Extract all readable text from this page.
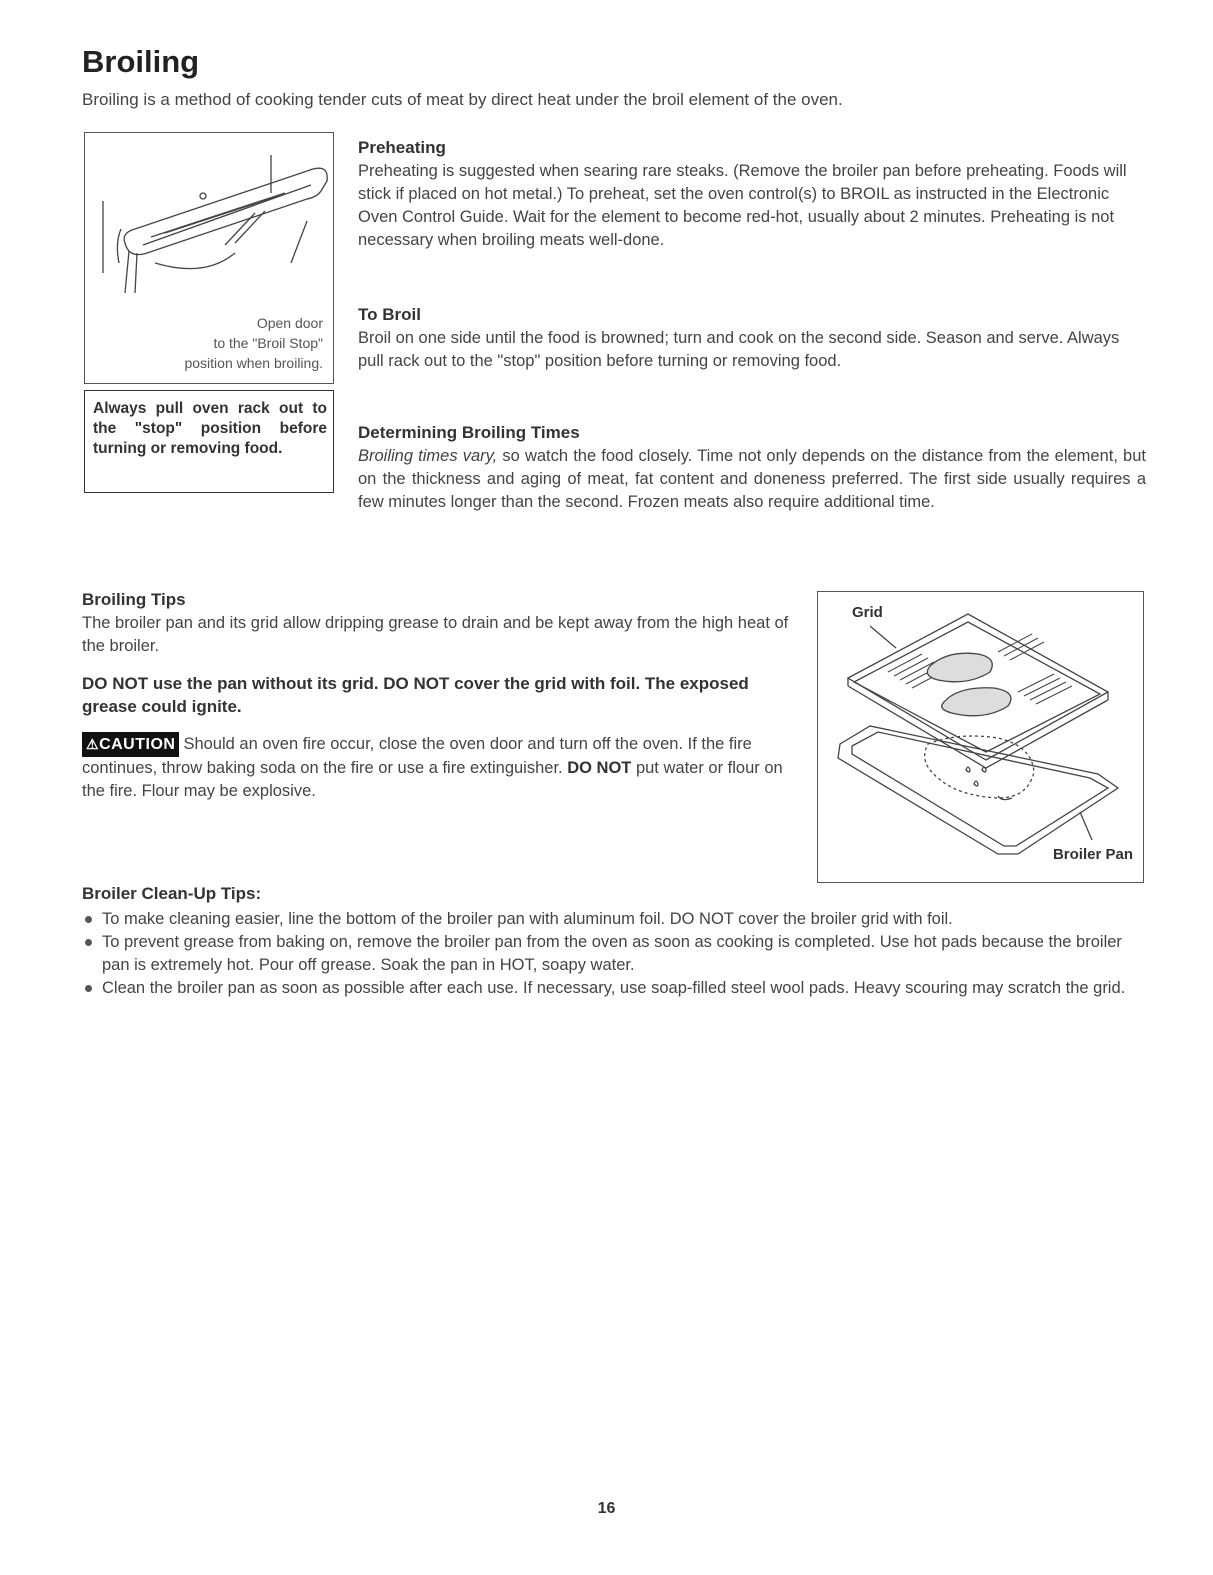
Broiling

Broiling is a method of cooking tender cuts of meat by direct heat under the broil element of the oven.

Open door
to the "Broil Stop"
position when broiling.
Always pull oven rack out to the "stop" position before turning or removing food.
Preheating

Preheating is suggested when searing rare steaks. (Remove the broiler pan before preheating. Foods will stick if placed on hot metal.) To preheat, set the oven control(s) to BROIL as instructed in the Electronic Oven Control Guide. Wait for the element to become red-hot, usually about 2 minutes. Preheating is not necessary when broiling meats well-done.

To Broil

Broil on one side until the food is browned; turn and cook on the second side. Season and serve. Always pull rack out to the "stop" position before turning or removing food.

Determining Broiling Times

Broiling times vary, so watch the food closely. Time not only depends on the distance from the element, but on the thickness and aging of meat, fat content and doneness preferred. The first side usually requires a few minutes longer than the second. Frozen meats also require additional time.

Broiling Tips

The broiler pan and its grid allow dripping grease to drain and be kept away from the high heat of the broiler.

DO NOT use the pan without its grid. DO NOT cover the grid with foil. The exposed grease could ignite.

⚠CAUTION Should an oven fire occur, close the oven door and turn off the oven. If the fire continues, throw baking soda on the fire or use a fire extinguisher. DO NOT put water or flour on the fire. Flour may be explosive.

Grid
Broiler Pan
Broiler Clean-Up Tips:
To make cleaning easier, line the bottom of the broiler pan with aluminum foil. DO NOT cover the broiler grid with foil.
To prevent grease from baking on, remove the broiler pan from the oven as soon as cooking is completed. Use hot pads because the broiler pan is extremely hot. Pour off grease. Soak the pan in HOT, soapy water.
Clean the broiler pan as soon as possible after each use. If necessary, use soap-filled steel wool pads. Heavy scouring may scratch the grid.
16
